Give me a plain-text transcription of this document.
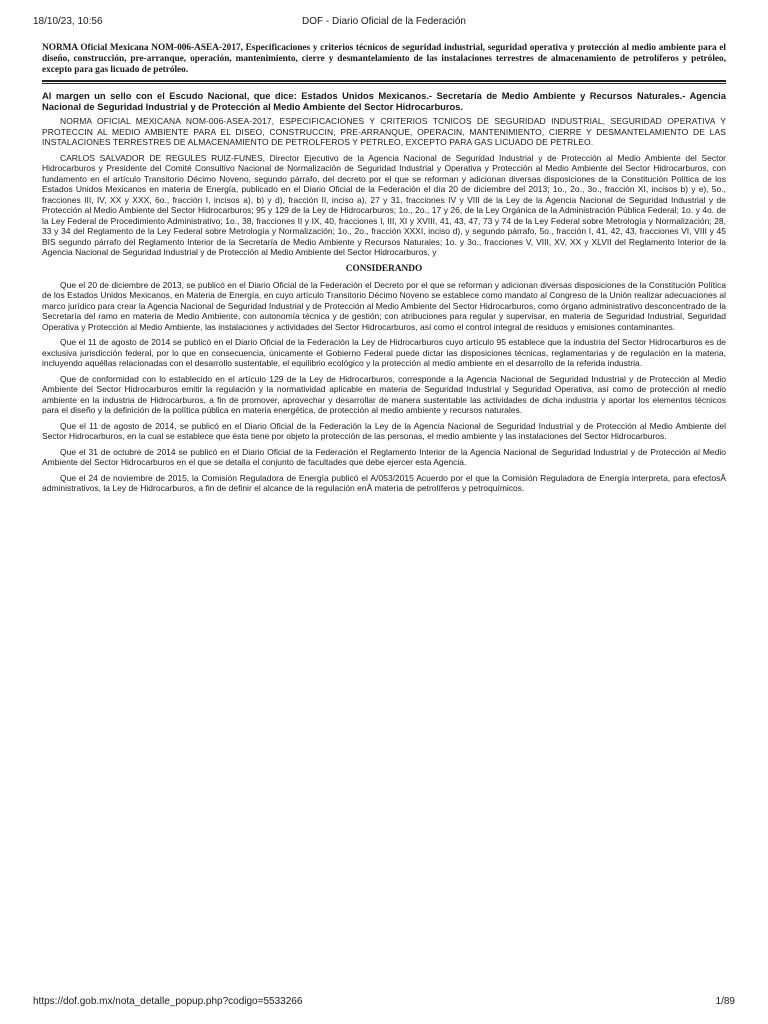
18/10/23, 10:56	DOF - Diario Oficial de la Federación

NORMA Oficial Mexicana NOM-006-ASEA-2017, Especificaciones y criterios técnicos de seguridad industrial, seguridad operativa y protección al medio ambiente para el diseño, construcción, pre-arranque, operación, mantenimiento, cierre y desmantelamiento de las instalaciones terrestres de almacenamiento de petrolíferos y petróleo, excepto para gas licuado de petróleo.

Al margen un sello con el Escudo Nacional, que dice: Estados Unidos Mexicanos.- Secretaría de Medio Ambiente y Recursos Naturales.- Agencia Nacional de Seguridad Industrial y de Protección al Medio Ambiente del Sector Hidrocarburos.

NORMA OFICIAL MEXICANA NOM-006-ASEA-2017, ESPECIFICACIONES Y CRITERIOS TCNICOS DE SEGURIDAD INDUSTRIAL, SEGURIDAD OPERATIVA Y PROTECCIN AL MEDIO AMBIENTE PARA EL DISEO, CONSTRUCCIN, PRE-ARRANQUE, OPERACIN, MANTENIMIENTO, CIERRE Y DESMANTELAMIENTO DE LAS INSTALACIONES TERRESTRES DE ALMACENAMIENTO DE PETROLFEROS Y PETRLEO, EXCEPTO PARA GAS LICUADO DE PETRLEO.

CARLOS SALVADOR DE REGULES RUIZ-FUNES, Director Ejecutivo de la Agencia Nacional de Seguridad Industrial y de Protección al Medio Ambiente del Sector Hidrocarburos y Presidente del Comité Consultivo Nacional de Normalización de Seguridad Industrial y Operativa y Protección al Medio Ambiente del Sector Hidrocarburos, con fundamento en el artículo Transitorio Décimo Noveno, segundo párrafo, del decreto por el que se reforman y adicionan diversas disposiciones de la Constitución Política de los Estados Unidos Mexicanos en materia de Energía, publicado en el Diario Oficial de la Federación el día 20 de diciembre del 2013; 1o., 2o., 3o., fracción XI, incisos b) y e), 5o., fracciones III, IV, XX y XXX, 6o., fracción I, incisos a), b) y d), fracción II, inciso a), 27 y 31, fracciones IV y VIII de la Ley de la Agencia Nacional de Seguridad Industrial y de Protección al Medio Ambiente del Sector Hidrocarburos; 95 y 129 de la Ley de Hidrocarburos; 1o., 2o., 17 y 26, de la Ley Orgánica de la Administración Pública Federal; 1o. y 4o. de la Ley Federal de Procedimiento Administrativo; 1o., 38, fracciones II y IX, 40, fracciones I, III, XI y XVIII, 41, 43, 47, 73 y 74 de la Ley Federal sobre Metrología y Normalización; 28, 33 y 34 del Reglamento de la Ley Federal sobre Metrología y Normalización; 1o., 2o., fracción XXXI, inciso d), y segundo párrafo, 5o., fracción I, 41, 42, 43, fracciones VI, VIII y 45 BIS segundo párrafo del Reglamento Interior de la Secretaría de Medio Ambiente y Recursos Naturales; 1o. y 3o., fracciones V, VIII, XV, XX y XLVII del Reglamento Interior de la Agencia Nacional de Seguridad Industrial y de Protección al Medio Ambiente del Sector Hidrocarburos, y

CONSIDERANDO

Que el 20 de diciembre de 2013, se publicó en el Diario Oficial de la Federación el Decreto por el que se reforman y adicionan diversas disposiciones de la Constitución Política de los Estados Unidos Mexicanos, en Materia de Energía, en cuyo artículo Transitorio Décimo Noveno se establece como mandato al Congreso de la Unión realizar adecuaciones al marco jurídico para crear la Agencia Nacional de Seguridad Industrial y de Protección al Medio Ambiente del Sector Hidrocarburos, como órgano administrativo desconcentrado de la Secretaría del ramo en materia de Medio Ambiente, con autonomía técnica y de gestión; con atribuciones para regular y supervisar, en materia de Seguridad Industrial, Seguridad Operativa y Protección al Medio Ambiente, las instalaciones y actividades del Sector Hidrocarburos, así como el control integral de residuos y emisiones contaminantes.

Que el 11 de agosto de 2014 se publicó en el Diario Oficial de la Federación la Ley de Hidrocarburos cuyo artículo 95 establece que la industria del Sector Hidrocarburos es de exclusiva jurisdicción federal, por lo que en consecuencia, únicamente el Gobierno Federal puede dictar las disposiciones técnicas, reglamentarias y de regulación en la materia, incluyendo aquéllas relacionadas con el desarrollo sustentable, el equilibrio ecológico y la protección al medio ambiente en el desarrollo de la referida industria.

Que de conformidad con lo establecido en el artículo 129 de la Ley de Hidrocarburos, corresponde a la Agencia Nacional de Seguridad Industrial y de Protección al Medio Ambiente del Sector Hidrocarburos emitir la regulación y la normatividad aplicable en materia de Seguridad Industrial y Seguridad Operativa, así como de protección al medio ambiente en la industria de Hidrocarburos, a fin de promover, aprovechar y desarrollar de manera sustentable las actividades de dicha industria y aportar los elementos técnicos para el diseño y la definición de la política pública en materia energética, de protección al medio ambiente y recursos naturales.

Que el 11 de agosto de 2014, se publicó en el Diario Oficial de la Federación la Ley de la Agencia Nacional de Seguridad Industrial y de Protección al Medio Ambiente del Sector Hidrocarburos, en la cual se establece que ésta tiene por objeto la protección de las personas, el medio ambiente y las instalaciones del Sector Hidrocarburos.

Que el 31 de octubre de 2014 se publicó en el Diario Oficial de la Federación el Reglamento Interior de la Agencia Nacional de Seguridad Industrial y de Protección al Medio Ambiente del Sector Hidrocarburos en el que se detalla el conjunto de facultades que debe ejercer esta Agencia.

Que el 24 de noviembre de 2015, la Comisión Reguladora de Energía publicó el A/053/2015 Acuerdo por el que la Comisión Reguladora de Energía interpreta, para efectosÂ administrativos, la Ley de Hidrocarburos, a fin de definir el alcance de la regulación enÂ materia de petrolíferos y petroquímicos.

https://dof.gob.mx/nota_detalle_popup.php?codigo=5533266	1/89
